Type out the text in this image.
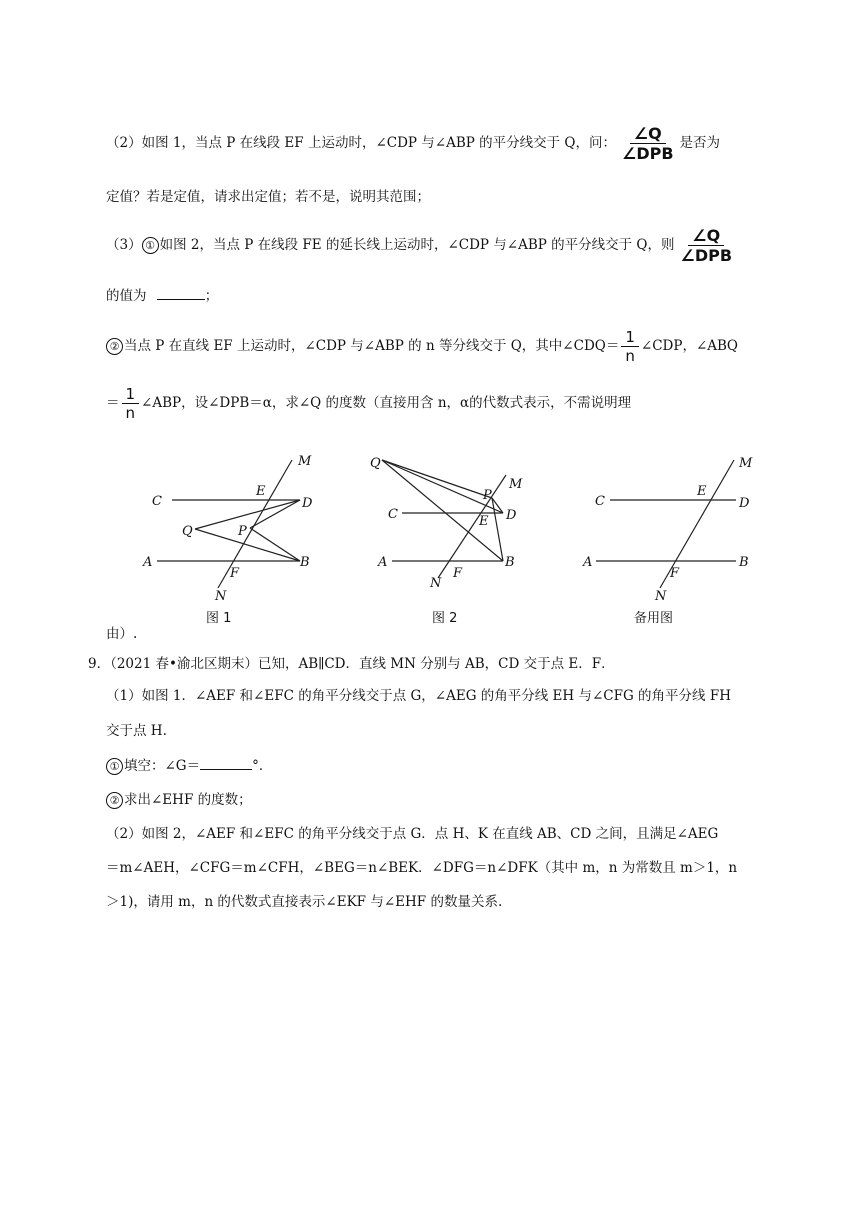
（2）如图 1，当点 P 在线段 EF 上运动时，∠CDP 与∠ABP 的平分线交于 Q，问： $\frac{\angle Q}{\text{∠DPB}}$ 是否为
定值？若是定值，请求出定值；若不是，说明其范围；
（3） ① 如图 2，当点 P 在线段 FE 的延长线上运动时，∠CDP 与∠ABP 的平分线交于 Q，则 $\frac{\angle Q}{\text{∠DPB}}$
的值为	；
② 当点 P 在直线 EF 上运动时，∠CDP 与∠ABP 的 n 等分线交于 Q，其中∠CDQ＝ $\frac{1}{n}$ ∠CDP，∠ABQ
＝ $\frac{1}{n}$ ∠ABP，设∠DPB＝α，求∠Q 的度数（直接用含 n，α的代数式表示，不需说明理
M
C
E
D
Q	P
A
F
B
N
图 1
Q
M
P
C	E D
A
F
B
N
图 2
M
C
E
D
A
F
B
N
备用图
由）.
9．（2021 春•渝北区期末）已知，AB∥CD．直线 MN 分别与 AB，CD 交于点 E．F．
（1）如图 1．∠AEF 和∠EFC 的角平分线交于点 G，∠AEG 的角平分线 EH 与∠CFG 的角平分线 FH
交于点 H.
① 填空：∠G＝	°．
② 求出∠EHF 的度数；
（2）如图 2，∠AEF 和∠EFC 的角平分线交于点 G．点 H、K 在直线 AB、CD 之间，且满足∠AEG
＝m∠AEH，∠CFG＝m∠CFH，∠BEG＝n∠BEK．∠DFG＝n∠DFK（其中 m，n 为常数且 m＞1，n
＞1)，请用 m，n 的代数式直接表示∠EKF 与∠EHF 的数量关系.
